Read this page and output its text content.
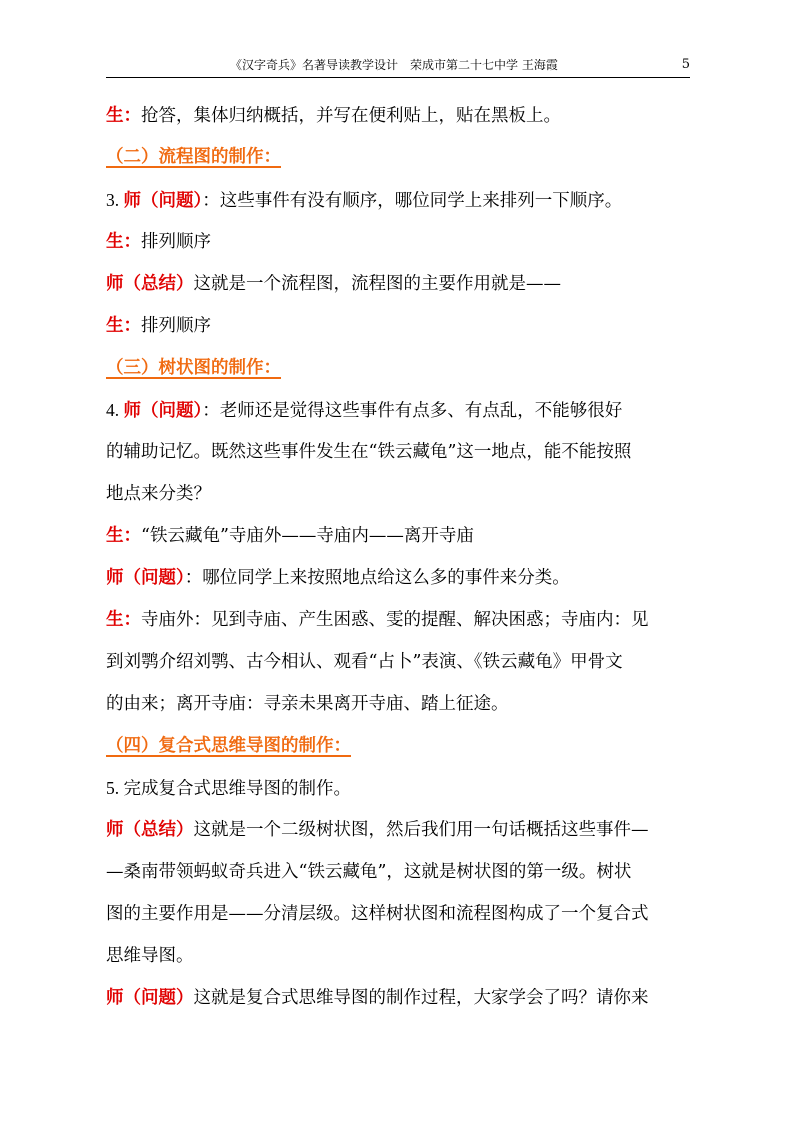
《汉字奇兵》名著导读教学设计　荣成市第二十七中学 王海霞	5
生：抢答，集体归纳概括，并写在便利贴上，贴在黑板上。
（二）流程图的制作：
3. 师（问题）：这些事件有没有顺序，哪位同学上来排列一下顺序。
生：排列顺序
师（总结）这就是一个流程图，流程图的主要作用就是——
生：排列顺序
（三）树状图的制作：
4. 师（问题）：老师还是觉得这些事件有点多、有点乱，不能够很好
的辅助记忆。既然这些事件发生在“铁云藏龟”这一地点，能不能按照
地点来分类？
生：“铁云藏龟”寺庙外——寺庙内——离开寺庙
师（问题）：哪位同学上来按照地点给这么多的事件来分类。
生：寺庙外：见到寺庙、产生困惑、雯的提醒、解决困惑；寺庙内：见
到刘鹗介绍刘鹗、古今相认、观看“占卜”表演、《铁云藏龟》甲骨文
的由来；离开寺庙：寻亲未果离开寺庙、踏上征途。
（四）复合式思维导图的制作：
5. 完成复合式思维导图的制作。
师（总结）这就是一个二级树状图，然后我们用一句话概括这些事件—
—桑南带领蚂蚁奇兵进入“铁云藏龟”，这就是树状图的第一级。树状
图的主要作用是——分清层级。这样树状图和流程图构成了一个复合式
思维导图。
师（问题）这就是复合式思维导图的制作过程，大家学会了吗？请你来
